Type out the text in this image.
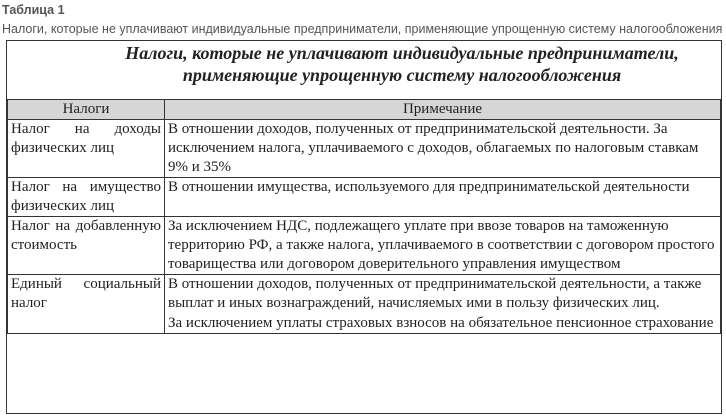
Таблица 1
Налоги, которые не уплачивают индивидуальные предприниматели, применяющие упрощенную систему налогообложения
Налоги, которые не уплачивают индивидуальные предприниматели, применяющие упрощенную систему налогообложения	
Налоги	Примечание
Налог на доходы физических лиц	В отношении доходов, полученных от предпринимательской деятельности. За исключением налога, уплачиваемого с доходов, облагаемых по налоговым ставкам 9% и 35%

Налог на имущество физических лиц	В отношении имущества, используемого для предпринимательской деятельности

Налог на добавленную стоимость	За исключением НДС, подлежащего уплате при ввозе товаров на таможенную территорию РФ, а также налога, уплачиваемого в соответствии с договором простого товарищества или договором доверительного управления имуществом

Единый социальный налог	В отношении доходов, полученных от предпринимательской деятельности, а также выплат и иных вознаграждений, начисляемых ими в пользу физических лиц.

За исключением уплаты страховых взносов на обязательное пенсионное страхование
